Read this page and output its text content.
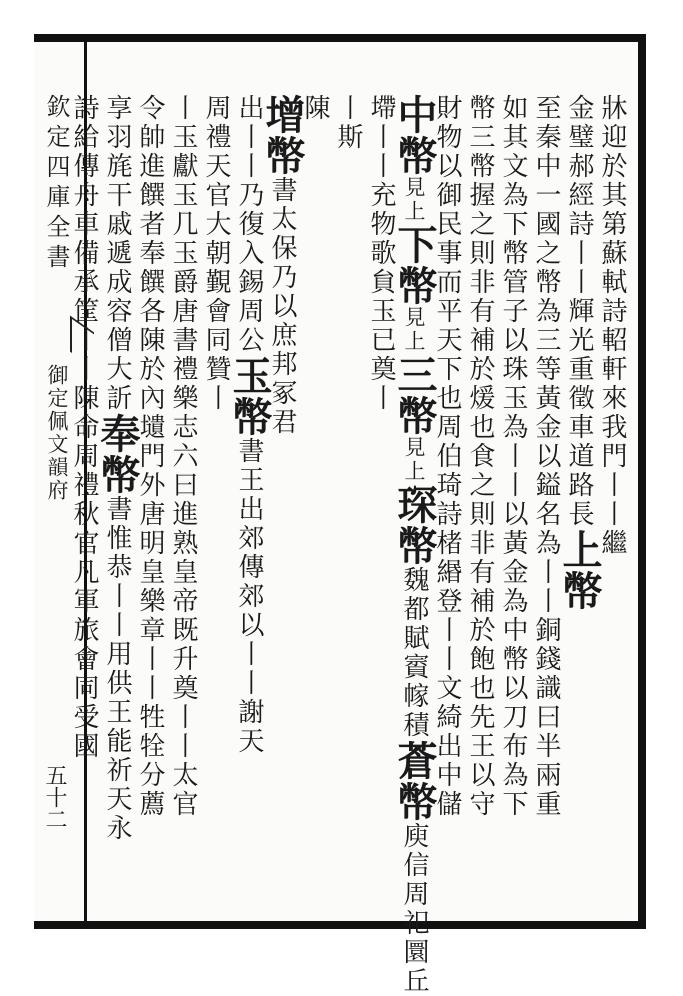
欽定四庫全書
御定佩文韻府
五十二
牀迎於其第蘇軾詩軺軒來我門丨丨繼
金璧郝經詩丨丨輝光重徵車道路長上幣
至秦中一國之幣為三等黃金以鎰名為丨丨銅錢識曰半兩重
如其文為下幣管子以珠玉為丨丨以黃金為中幣以刀布為下
幣三幣握之則非有補於煖也食之則非有補於飽也先王以守
財物以御民事而平天下也周伯琦詩楮緡登丨丨文綺出中儲
中幣見上下幣見上三幣見上琛幣魏都賦賨幏積蒼幣庾信周祀圜丘
墆丨丨充物歌貟玉已奠丨
丨斯
陳
增幣書太保乃以庶邦冢君
出丨丨乃復入錫周公玉幣書王出郊傳郊以丨丨謝天
周禮天官大朝覲會同贊丨
丨玉獻玉几玉爵唐書禮樂志六曰進熟皇帝既升奠丨丨太官
令帥進饌者奉饌各陳於內壝門外唐明皇樂章丨丨牲牷分薦
享羽旄干戚遞成容僧大訢奉幣書惟恭丨丨用供王能祈天永
詩給傳舟車備承筐丨丨陳命周禮秋官凡軍旅會同受國
